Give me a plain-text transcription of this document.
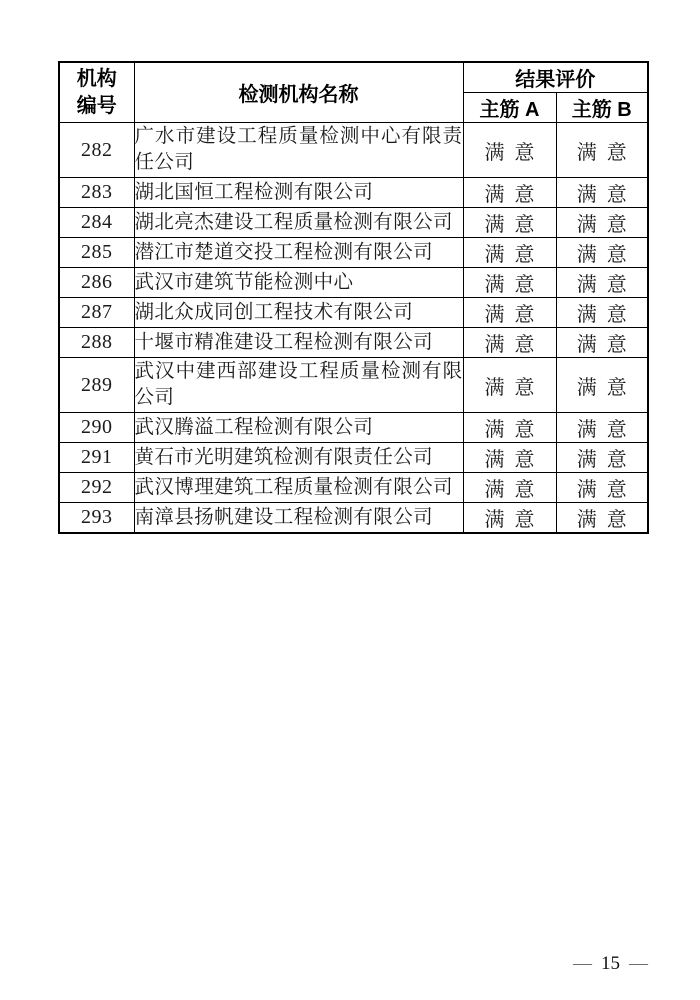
机构
编号	检测机构名称	结果评价	
		主筋 A	主筋 B
282	广水市建设工程质量检测中心有限责任公司	满意	满意
283	湖北国恒工程检测有限公司	满意	满意
284	湖北亮杰建设工程质量检测有限公司	满意	满意
285	潜江市楚道交投工程检测有限公司	满意	满意
286	武汉市建筑节能检测中心	满意	满意
287	湖北众成同创工程技术有限公司	满意	满意
288	十堰市精准建设工程检测有限公司	满意	满意
289	武汉中建西部建设工程质量检测有限公司	满意	满意
290	武汉腾溢工程检测有限公司	满意	满意
291	黄石市光明建筑检测有限责任公司	满意	满意
292	武汉博理建筑工程质量检测有限公司	满意	满意
293	南漳县扬帆建设工程检测有限公司	满意	满意
— 15 —
